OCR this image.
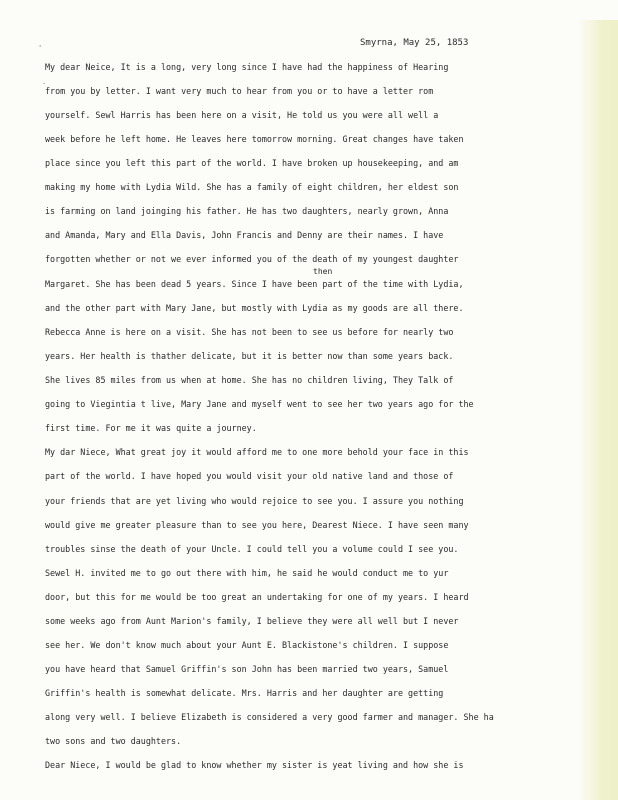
'
.
Smyrna, May 25, 1853
then
My dear Neice, It is a long, very long since I have had the happiness of Hearing
from you by letter. I want very much to hear from you or to have a letter rom
yourself. Sewl Harris has been here on a visit, He told us you were all well a
week before he left home. He leaves here tomorrow morning. Great changes have taken
place since you left this part of the world. I have broken up housekeeping, and am
making my home with Lydia Wild. She has a family of eight children, her eldest son
is farming on land joinging his father. He has two daughters, nearly grown, Anna
and Amanda, Mary and Ella Davis, John Francis and Denny are their names. I have
forgotten whether or not we ever informed you of the death of my youngest daughter
Margaret. She has been dead 5 years. Since I have been part of the time with Lydia,
and the other part with Mary Jane, but mostly with Lydia as my goods are all there.
Rebecca Anne is here on a visit. She has not been to see us before for nearly two
years. Her health is thather delicate, but it is better now than some years back.
She lives 85 miles from us when at home. She has no children living, They Talk of
going to Viegintia t live, Mary Jane and myself went to see her two years ago for the
first time. For me it was quite a journey.
My dar Niece, What great joy it would afford me to one more behold your face in this
part of the world. I have hoped you would visit your old native land and those of
your friends that are yet living who would rejoice to see you. I assure you nothing
would give me greater pleasure than to see you here, Dearest Niece. I have seen many
troubles sinse the death of your Uncle. I could tell you a volume could I see you.
Sewel H. invited me to go out there with him, he said he would conduct me to yur
door, but this for me would be too great an undertaking for one of my years. I heard
some weeks ago from Aunt Marion's family, I believe they were all well but I never
see her. We don't know much about your Aunt E. Blackistone's children. I suppose
you have heard that Samuel Griffin's son John has been married two years, Samuel
Griffin's health is somewhat delicate. Mrs. Harris and her daughter are getting
along very well. I believe Elizabeth is considered a very good farmer and manager. She ha
two sons and two daughters.
Dear Niece, I would be glad to know whether my sister is yeat living and how she is
